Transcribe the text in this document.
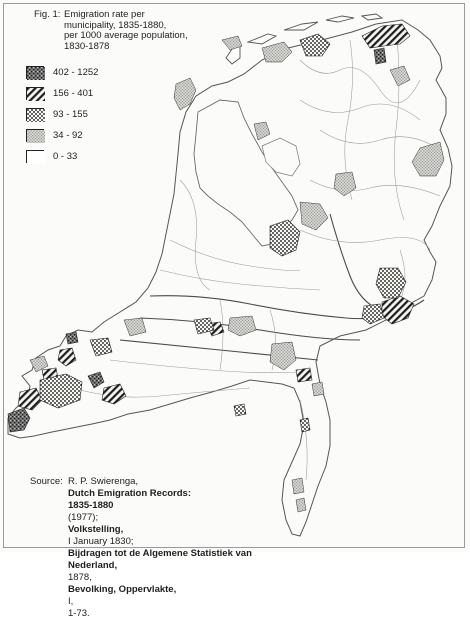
Fig. 1: Emigration rate per
municipality, 1835-1880,
per 1000 average population,
1830-1878
402 - 1252
156 - 401
93 - 155
34 - 92
0 - 33
Source: R. P. Swierenga,
Dutch Emigration Records:
1835-1880
(1977);
Volkstelling,
I January 1830;
Bijdragen tot de Algemene Statistiek van
Nederland,
1878,
Bevolking, Oppervlakte,
I,
1-73.
